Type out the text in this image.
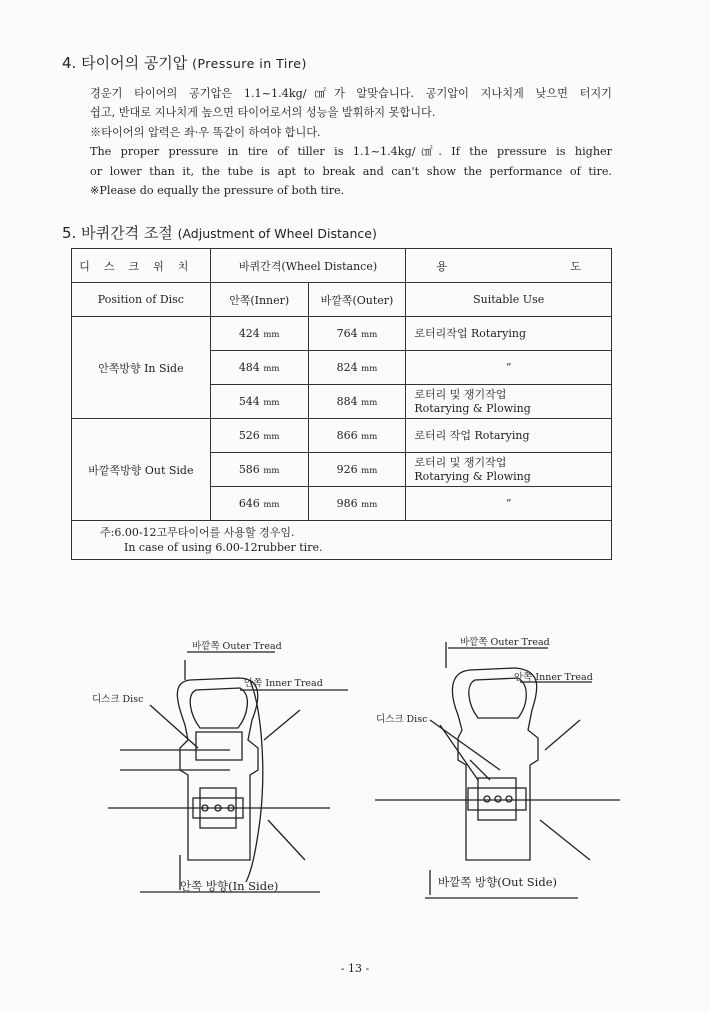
4. 타이어의 공기압 (Pressure in Tire)
경운기 타이어의 공기압은 1.1~1.4kg/㎠가 알맞습니다. 공기압이 지나치게 낮으면 터지기
쉽고, 반대로 지나치게 높으면 타이어로서의 성능을 발휘하지 못합니다.
※타이어의 압력은 좌·우 똑같이 하여야 합니다.
The proper pressure in tire of tiller is 1.1~1.4kg/㎠. If the pressure is higher
or lower than it, the tube is apt to break and can't show the performance of tire.
※Please do equally the pressure of both tire.
5. 바퀴간격 조절 (Adjustment of Wheel Distance)
디스크위치	바퀴간격(Wheel Distance)		용 도

Position of Disc	안쪽(Inner)	바깥쪽(Outer)	Suitable Use
안쪽방향 In Side	424 mm	764 mm	로터리작업 Rotarying

	484 mm	824 mm	”

	544 mm	884 mm	로터리 및 쟁기작업
Rotarying & Plowing

바깥쪽방향 Out Side	526 mm	866 mm	로터리 작업 Rotarying

	586 mm	926 mm	로터리 및 쟁기작업
Rotarying & Plowing

	646 mm	986 mm	”

주:6.00-12고무타이어를 사용할 경우임.
In case of using 6.00-12rubber tire.			
바깥쪽 Outer Tread
안쪽 Inner Tread
디스크 Disc
바깥쪽 Outer Tread
안쪽 Inner Tread
디스크 Disc
안쪽 방향(In Side)	바깥쪽 방향(Out Side)
- 13 -
